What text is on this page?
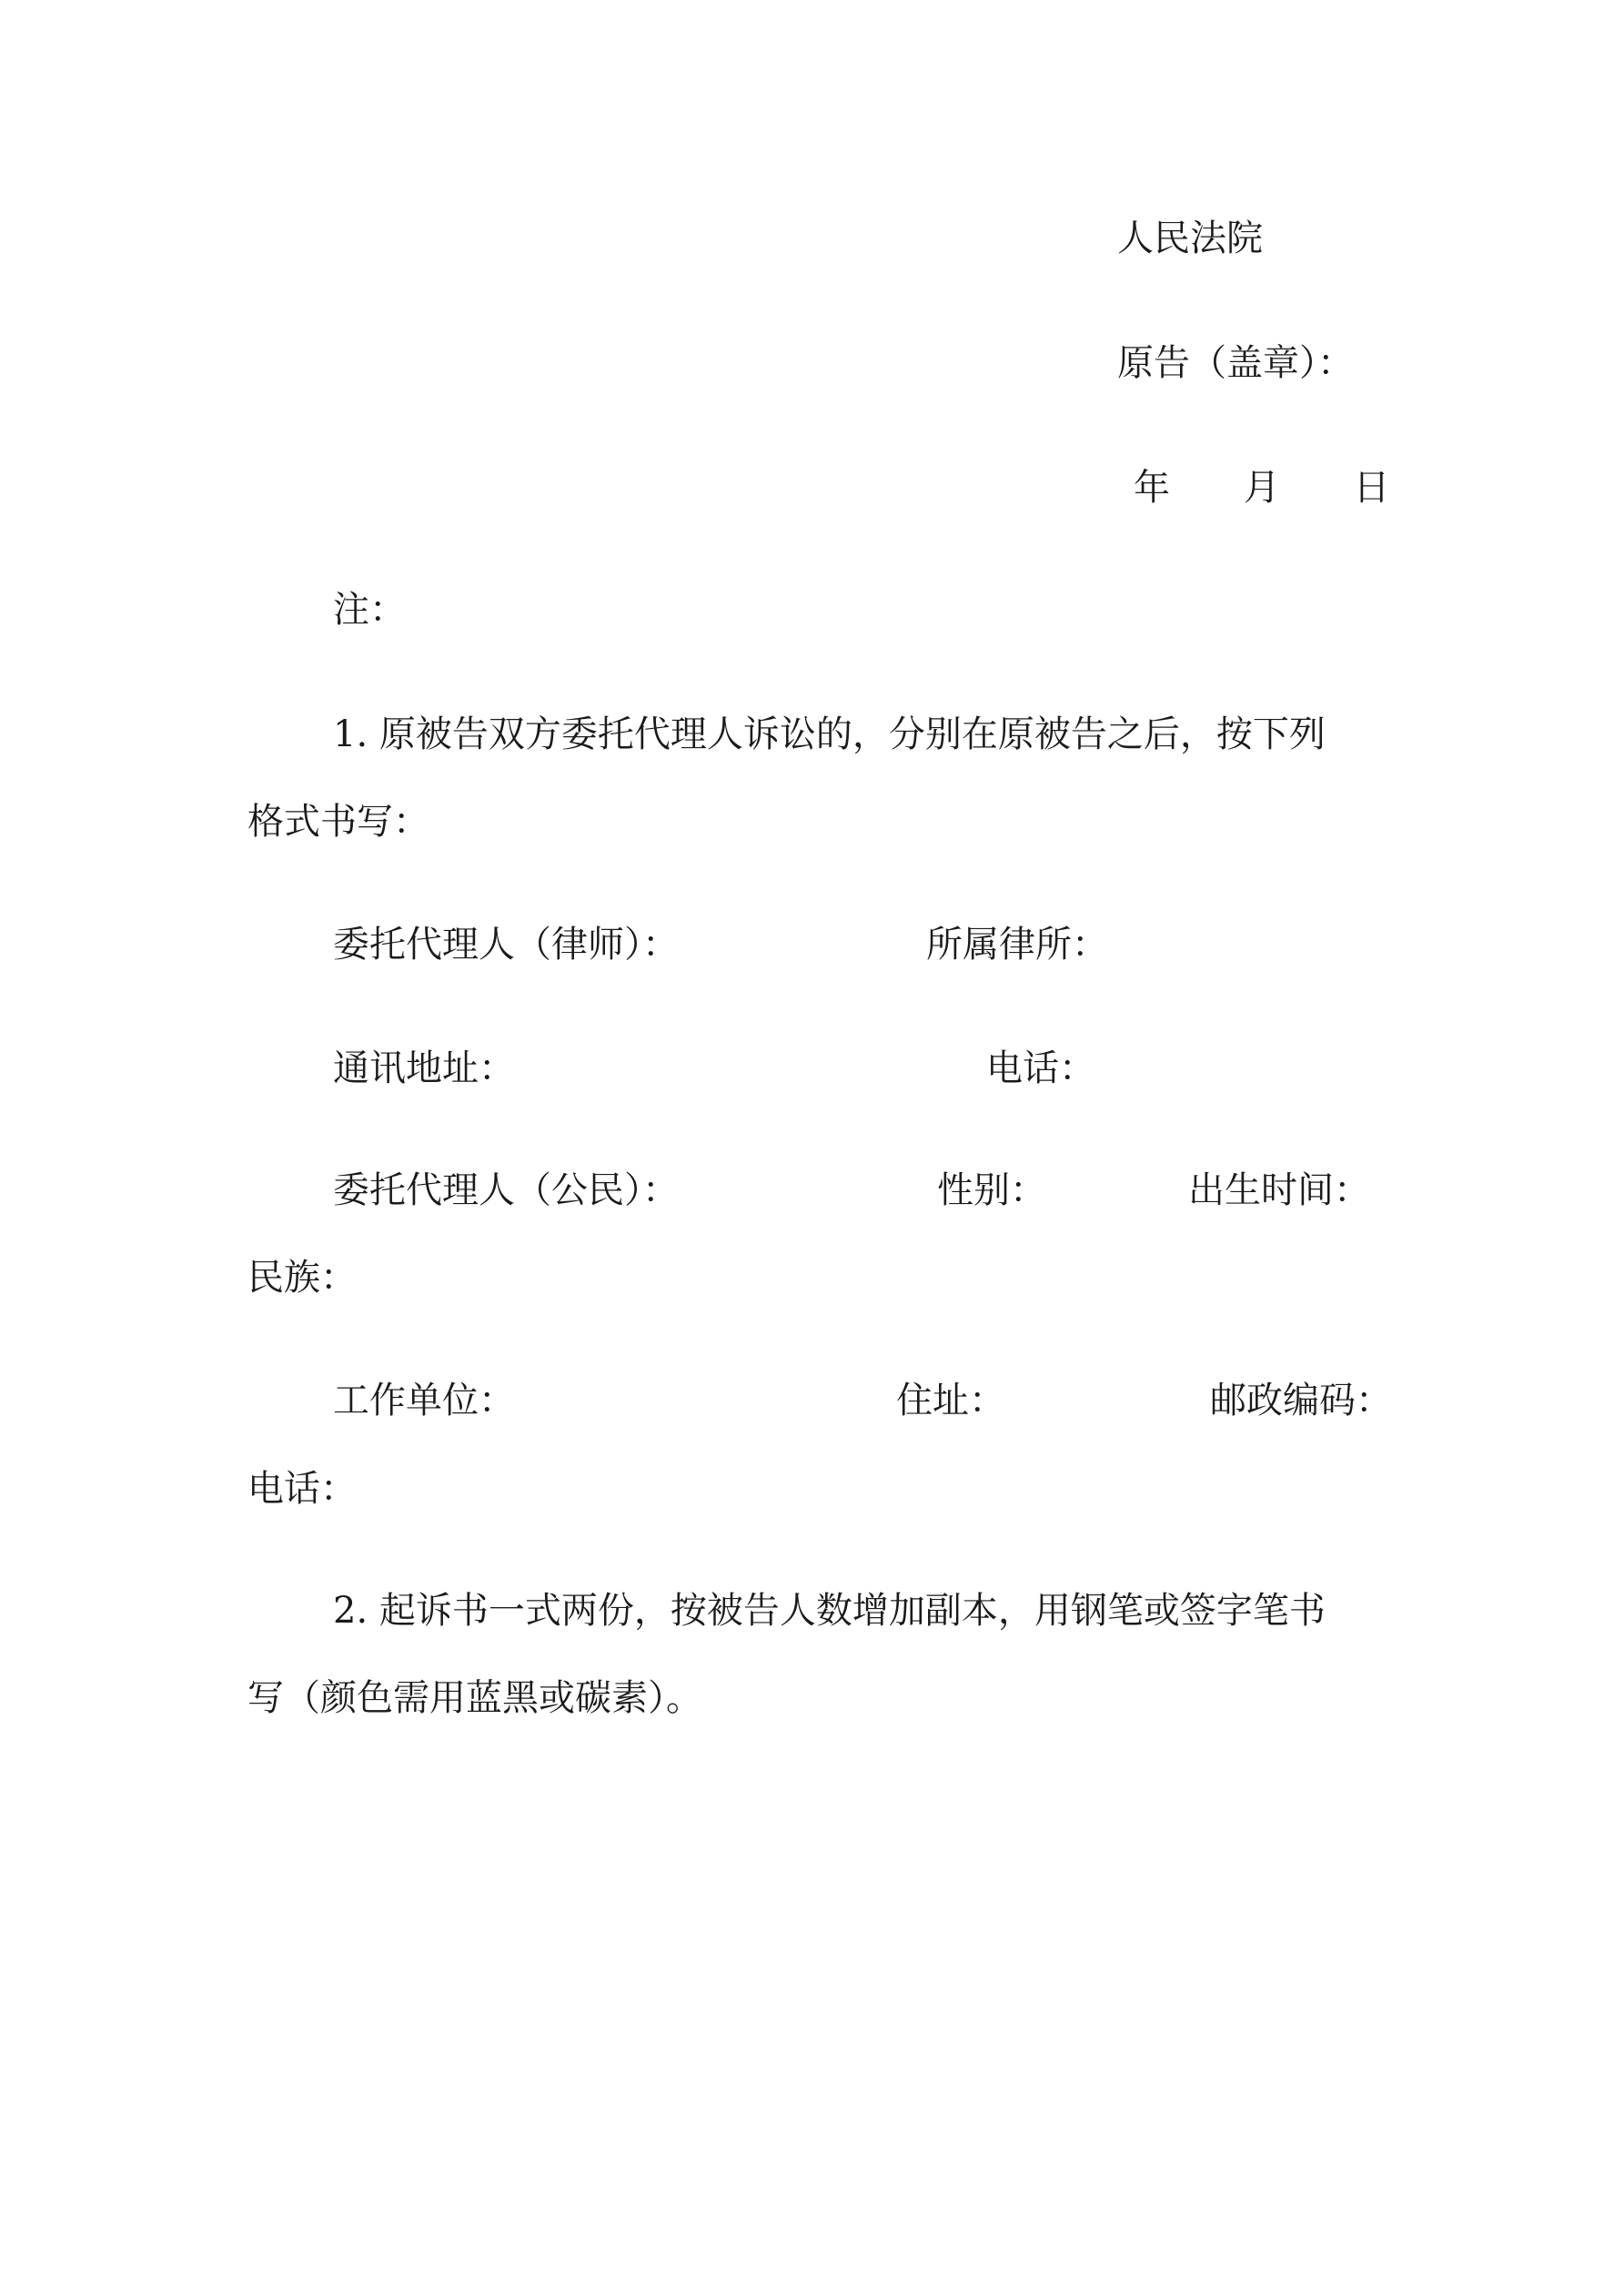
人民法院
原告（盖章）：
年 月 日
注：
1. 原被告双方委托代理人诉讼的，分别在原被告之后，按下列
格式书写：
委托代理人（律师）：	所属律所：
通讯地址：	电话：
委托代理人（公民）：	性别：	出生时间：
民族：
工作单位：	住址：	邮政编码：
电话：
2. 起诉书一式两份，按被告人数增加副本，用钢笔或签字笔书
写（颜色需用蓝黑或碳素）。
